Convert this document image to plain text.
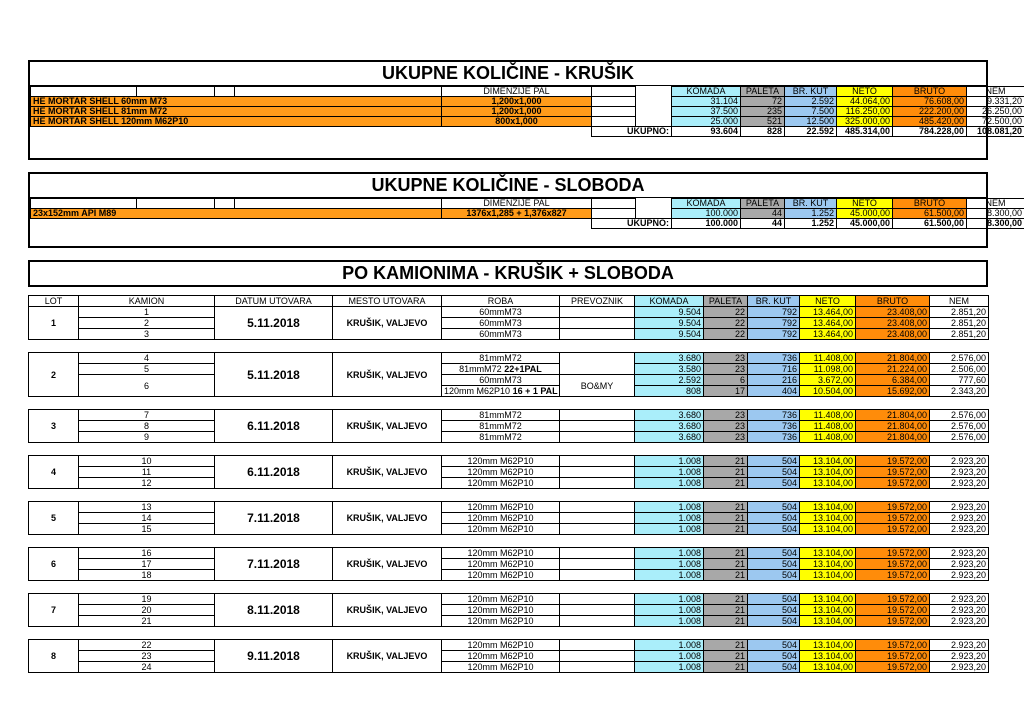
UKUPNE KOLIČINE - KRUŠIK
				DIMENZIJE PAL			KOMADA	PALETA	BR. KUT	NETO	BRUTO	NEM
HE MORTAR SHELL 60mm M73				1,200x1,000			31.104	72	2.592	44.064,00	76.608,00	9.331,20
HE MORTAR SHELL 81mm M72				1,200x1,000			37.500	235	7.500	116.250,00	222.200,00	26.250,00
HE MORTAR SHELL 120mm M62P10				800x1,000			25.000	521	12.500	325.000,00	485.420,00	72.500,00
					UKUPNO:		93.604	828	22.592	485.314,00	784.228,00	108.081,20
UKUPNE KOLIČINE - SLOBODA
				DIMENZIJE PAL			KOMADA	PALETA	BR. KUT	NETO	BRUTO	NEM
23x152mm API M89				1376x1,285 + 1,376x827			100.000	44	1.252	45.000,00	61.500,00	8.300,00
					UKUPNO:		100.000	44	1.252	45.000,00	61.500,00	8.300,00
PO KAMIONIMA - KRUŠIK + SLOBODA
LOT	KAMION	DATUM UTOVARA	MESTO UTOVARA	ROBA	PREVOZNIK	KOMADA	PALETA	BR. KUT	NETO	BRUTO	NEM
1	1	5.11.2018	KRUŠIK, VALJEVO	60mmM73		9.504	22	792	13.464,00	23.408,00	2.851,20
	2			60mmM73		9.504	22	792	13.464,00	23.408,00	2.851,20
	3			60mmM73		9.504	22	792	13.464,00	23.408,00	2.851,20

2	4	5.11.2018	KRUŠIK, VALJEVO	81mmM72		3.680	23	736	11.408,00	21.804,00	2.576,00
	5			81mmM72 22+1PAL		3.580	23	716	11.098,00	21.224,00	2.506,00
	6			60mmM73	BO&MY	2.592	6	216	3.672,00	6.384,00	777,60
				120mm M62P10 16 + 1 PAL		808	17	404	10.504,00	15.692,00	2.343,20

3	7	6.11.2018	KRUŠIK, VALJEVO	81mmM72		3.680	23	736	11.408,00	21.804,00	2.576,00
	8			81mmM72		3.680	23	736	11.408,00	21.804,00	2.576,00
	9			81mmM72		3.680	23	736	11.408,00	21.804,00	2.576,00

4	10	6.11.2018	KRUŠIK, VALJEVO	120mm M62P10		1.008	21	504	13.104,00	19.572,00	2.923,20
	11			120mm M62P10		1.008	21	504	13.104,00	19.572,00	2.923,20
	12			120mm M62P10		1.008	21	504	13.104,00	19.572,00	2.923,20

5	13	7.11.2018	KRUŠIK, VALJEVO	120mm M62P10		1.008	21	504	13.104,00	19.572,00	2.923,20
	14			120mm M62P10		1.008	21	504	13.104,00	19.572,00	2.923,20
	15			120mm M62P10		1.008	21	504	13.104,00	19.572,00	2.923,20

6	16	7.11.2018	KRUŠIK, VALJEVO	120mm M62P10		1.008	21	504	13.104,00	19.572,00	2.923,20
	17			120mm M62P10		1.008	21	504	13.104,00	19.572,00	2.923,20
	18			120mm M62P10		1.008	21	504	13.104,00	19.572,00	2.923,20

7	19	8.11.2018	KRUŠIK, VALJEVO	120mm M62P10		1.008	21	504	13.104,00	19.572,00	2.923,20
	20			120mm M62P10		1.008	21	504	13.104,00	19.572,00	2.923,20
	21			120mm M62P10		1.008	21	504	13.104,00	19.572,00	2.923,20

8	22	9.11.2018	KRUŠIK, VALJEVO	120mm M62P10		1.008	21	504	13.104,00	19.572,00	2.923,20
	23			120mm M62P10		1.008	21	504	13.104,00	19.572,00	2.923,20
	24			120mm M62P10		1.008	21	504	13.104,00	19.572,00	2.923,20
